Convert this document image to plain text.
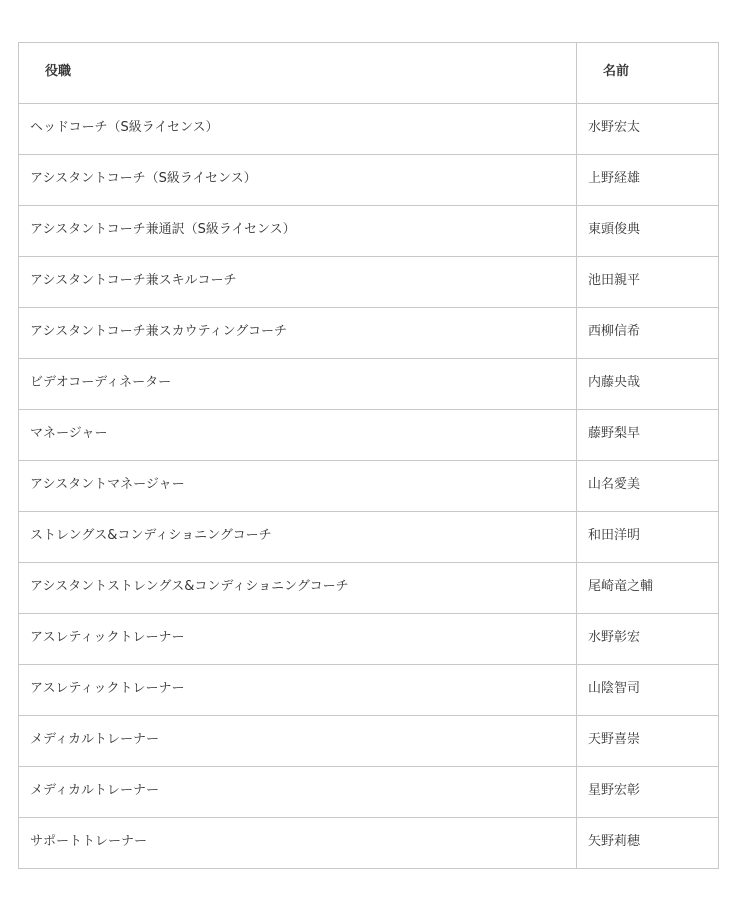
役職	名前

ヘッドコーチ（S級ライセンス）	水野宏太

アシスタントコーチ（S級ライセンス）	上野経雄

アシスタントコーチ兼通訳（S級ライセンス）	東頭俊典

アシスタントコーチ兼スキルコーチ	池田親平

アシスタントコーチ兼スカウティングコーチ	西柳信希

ビデオコーディネーター	内藤央哉

マネージャー	藤野梨早

アシスタントマネージャー	山名愛美

ストレングス&コンディショニングコーチ	和田洋明

アシスタントストレングス&コンディショニングコーチ	尾崎竜之輔

アスレティックトレーナー	水野彰宏

アスレティックトレーナー	山陰智司

メディカルトレーナー	天野喜崇

メディカルトレーナー	星野宏彰

サポートトレーナー	矢野莉穂
